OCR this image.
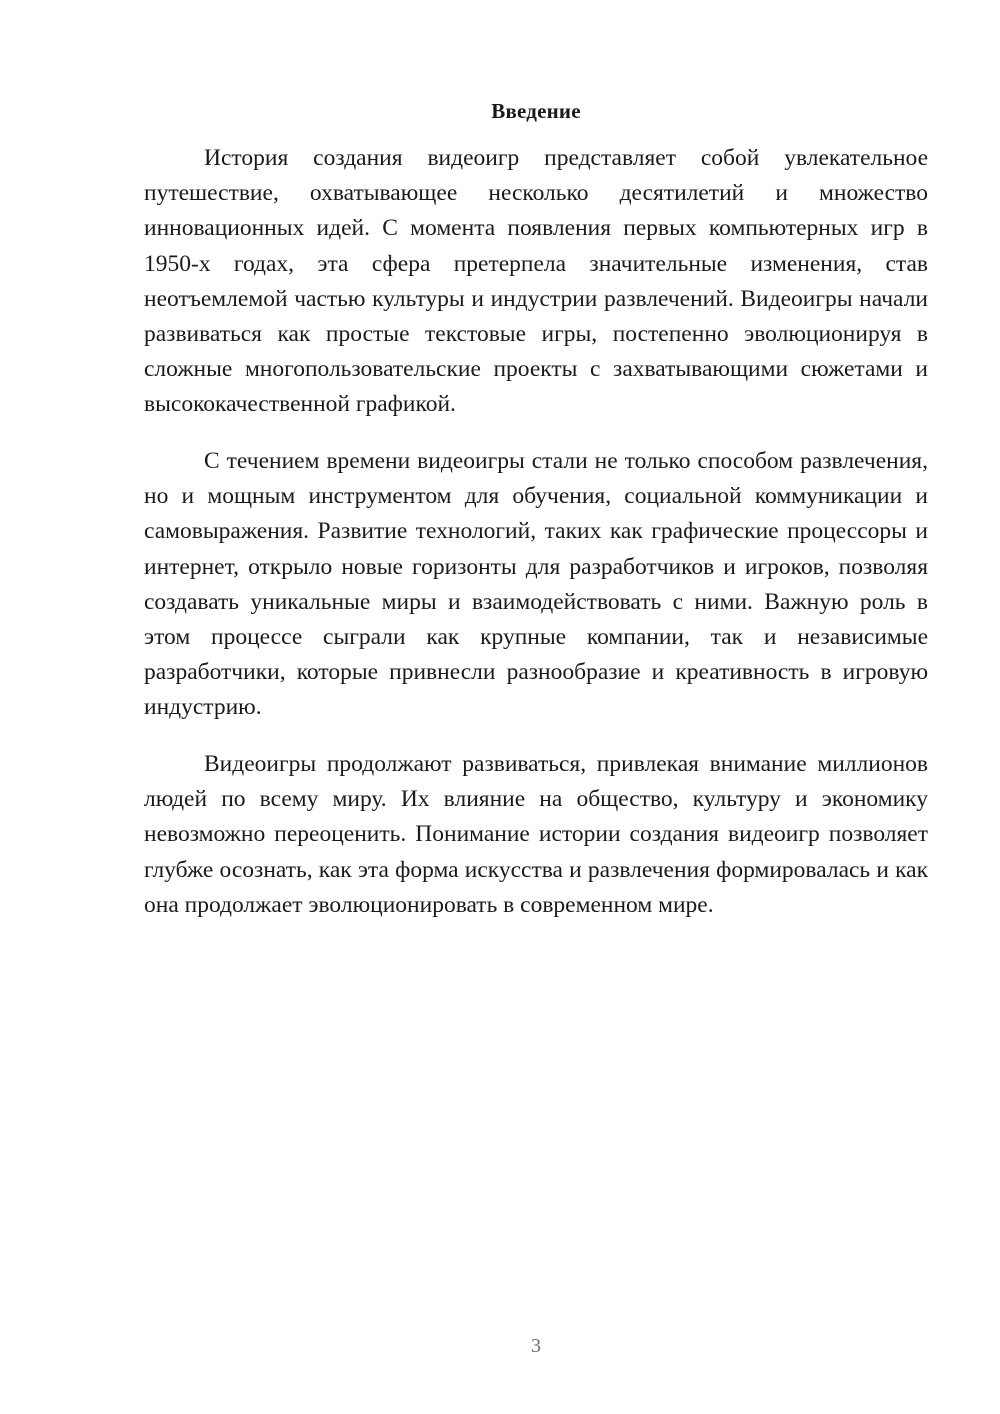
Введение

История создания видеоигр представляет собой увлекательное путешествие, охватывающее несколько десятилетий и множество инновационных идей. С момента появления первых компьютерных игр в 1950-х годах, эта сфера претерпела значительные изменения, став неотъемлемой частью культуры и индустрии развлечений. Видеоигры начали развиваться как простые текстовые игры, постепенно эволюционируя в сложные многопользовательские проекты с захватывающими сюжетами и высококачественной графикой.

С течением времени видеоигры стали не только способом развлечения, но и мощным инструментом для обучения, социальной коммуникации и самовыражения. Развитие технологий, таких как графические процессоры и интернет, открыло новые горизонты для разработчиков и игроков, позволяя создавать уникальные миры и взаимодействовать с ними. Важную роль в этом процессе сыграли как крупные компании, так и независимые разработчики, которые привнесли разнообразие и креативность в игровую индустрию.

Видеоигры продолжают развиваться, привлекая внимание миллионов людей по всему миру. Их влияние на общество, культуру и экономику невозможно переоценить. Понимание истории создания видеоигр позволяет глубже осознать, как эта форма искусства и развлечения формировалась и как она продолжает эволюционировать в современном мире.

3
